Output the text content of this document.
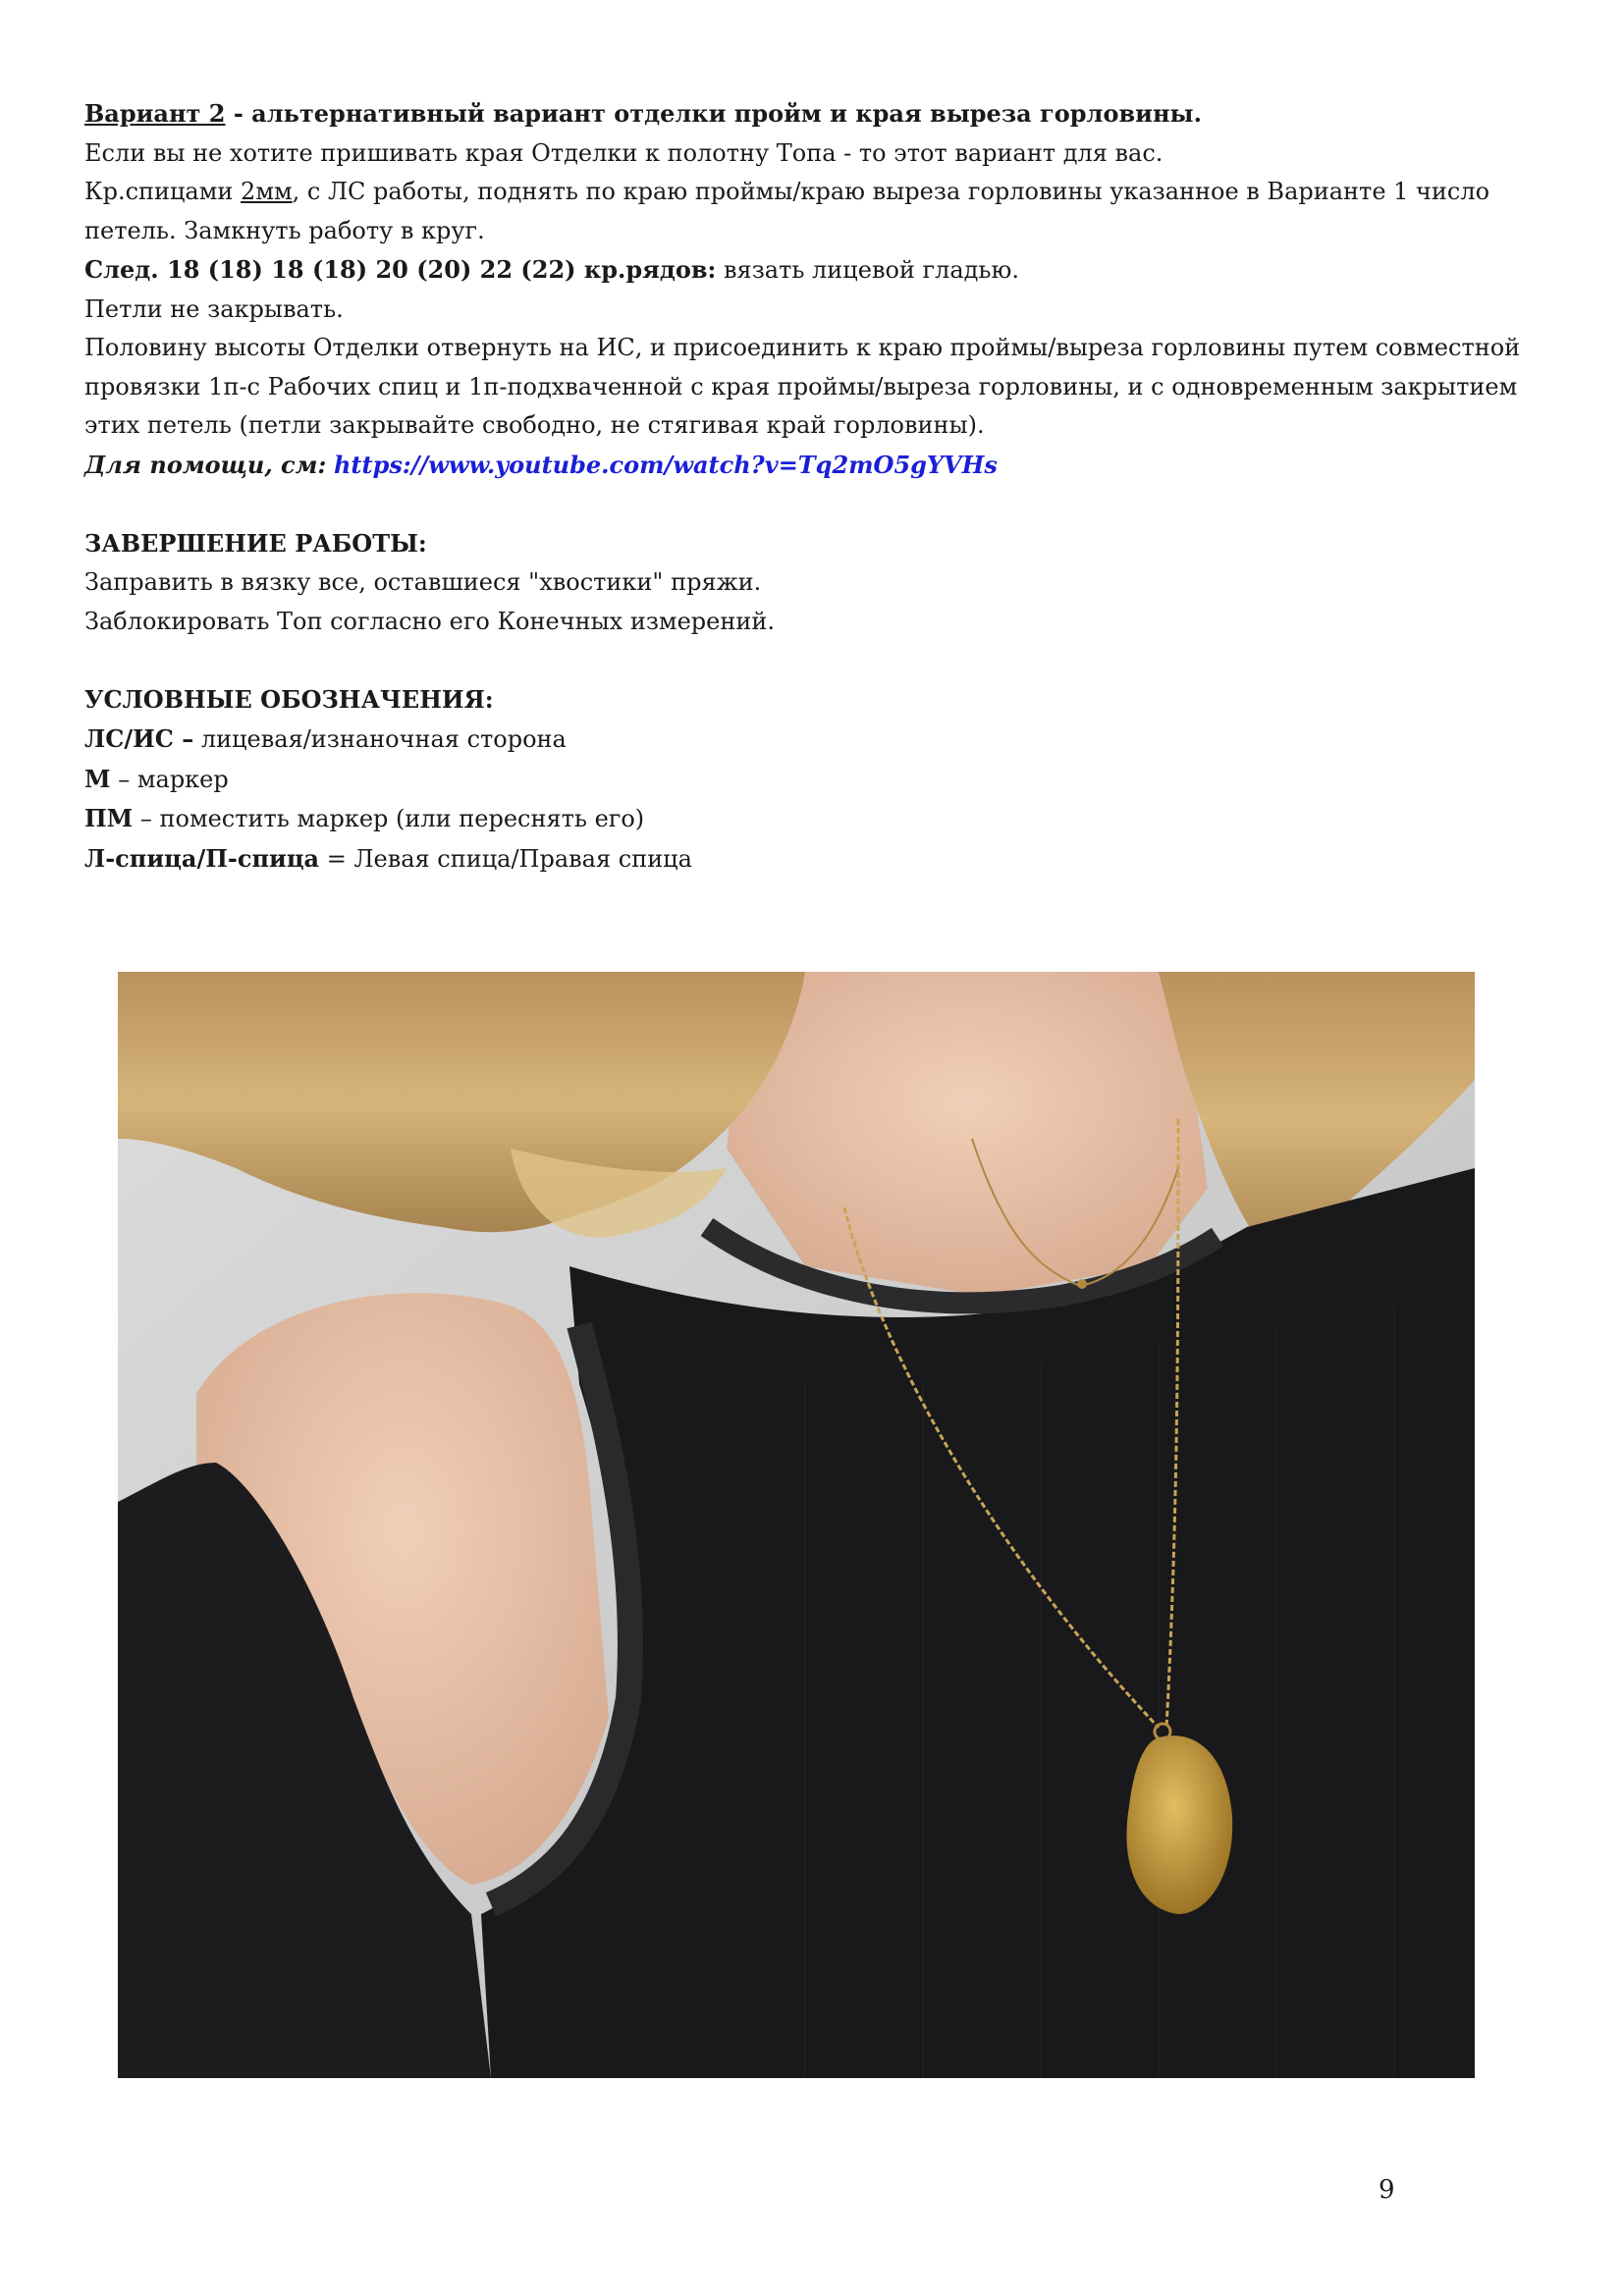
Вариант 2 - альтернативный вариант отделки пройм и края выреза горловины.

Если вы не хотите пришивать края Отделки к полотну Топа - то этот вариант для вас.

Кр.спицами 2мм, с ЛС работы, поднять по краю проймы/краю выреза горловины указанное в Варианте 1 число

петель. Замкнуть работу в круг.

След. 18 (18) 18 (18) 20 (20) 22 (22) кр.рядов: вязать лицевой гладью.

Петли не закрывать.

Половину высоты Отделки отвернуть на ИС, и присоединить к краю проймы/выреза горловины путем совместной

провязки 1п-с Рабочих спиц и 1п-подхваченной с края проймы/выреза горловины, и с одновременным закрытием

этих петель (петли закрывайте свободно, не стягивая край горловины).

Для помощи, см: https://www.youtube.com/watch?v=Tq2mO5gYVHs

ЗАВЕРШЕНИЕ РАБОТЫ:

Заправить в вязку все, оставшиеся "хвостики" пряжи.

Заблокировать Топ согласно его Конечных измерений.

УСЛОВНЫЕ ОБОЗНАЧЕНИЯ:

ЛС/ИС – лицевая/изнаночная сторона

М – маркер

ПМ – поместить маркер (или переснять его)

Л-спица/П-спица = Левая спица/Правая спица

9
